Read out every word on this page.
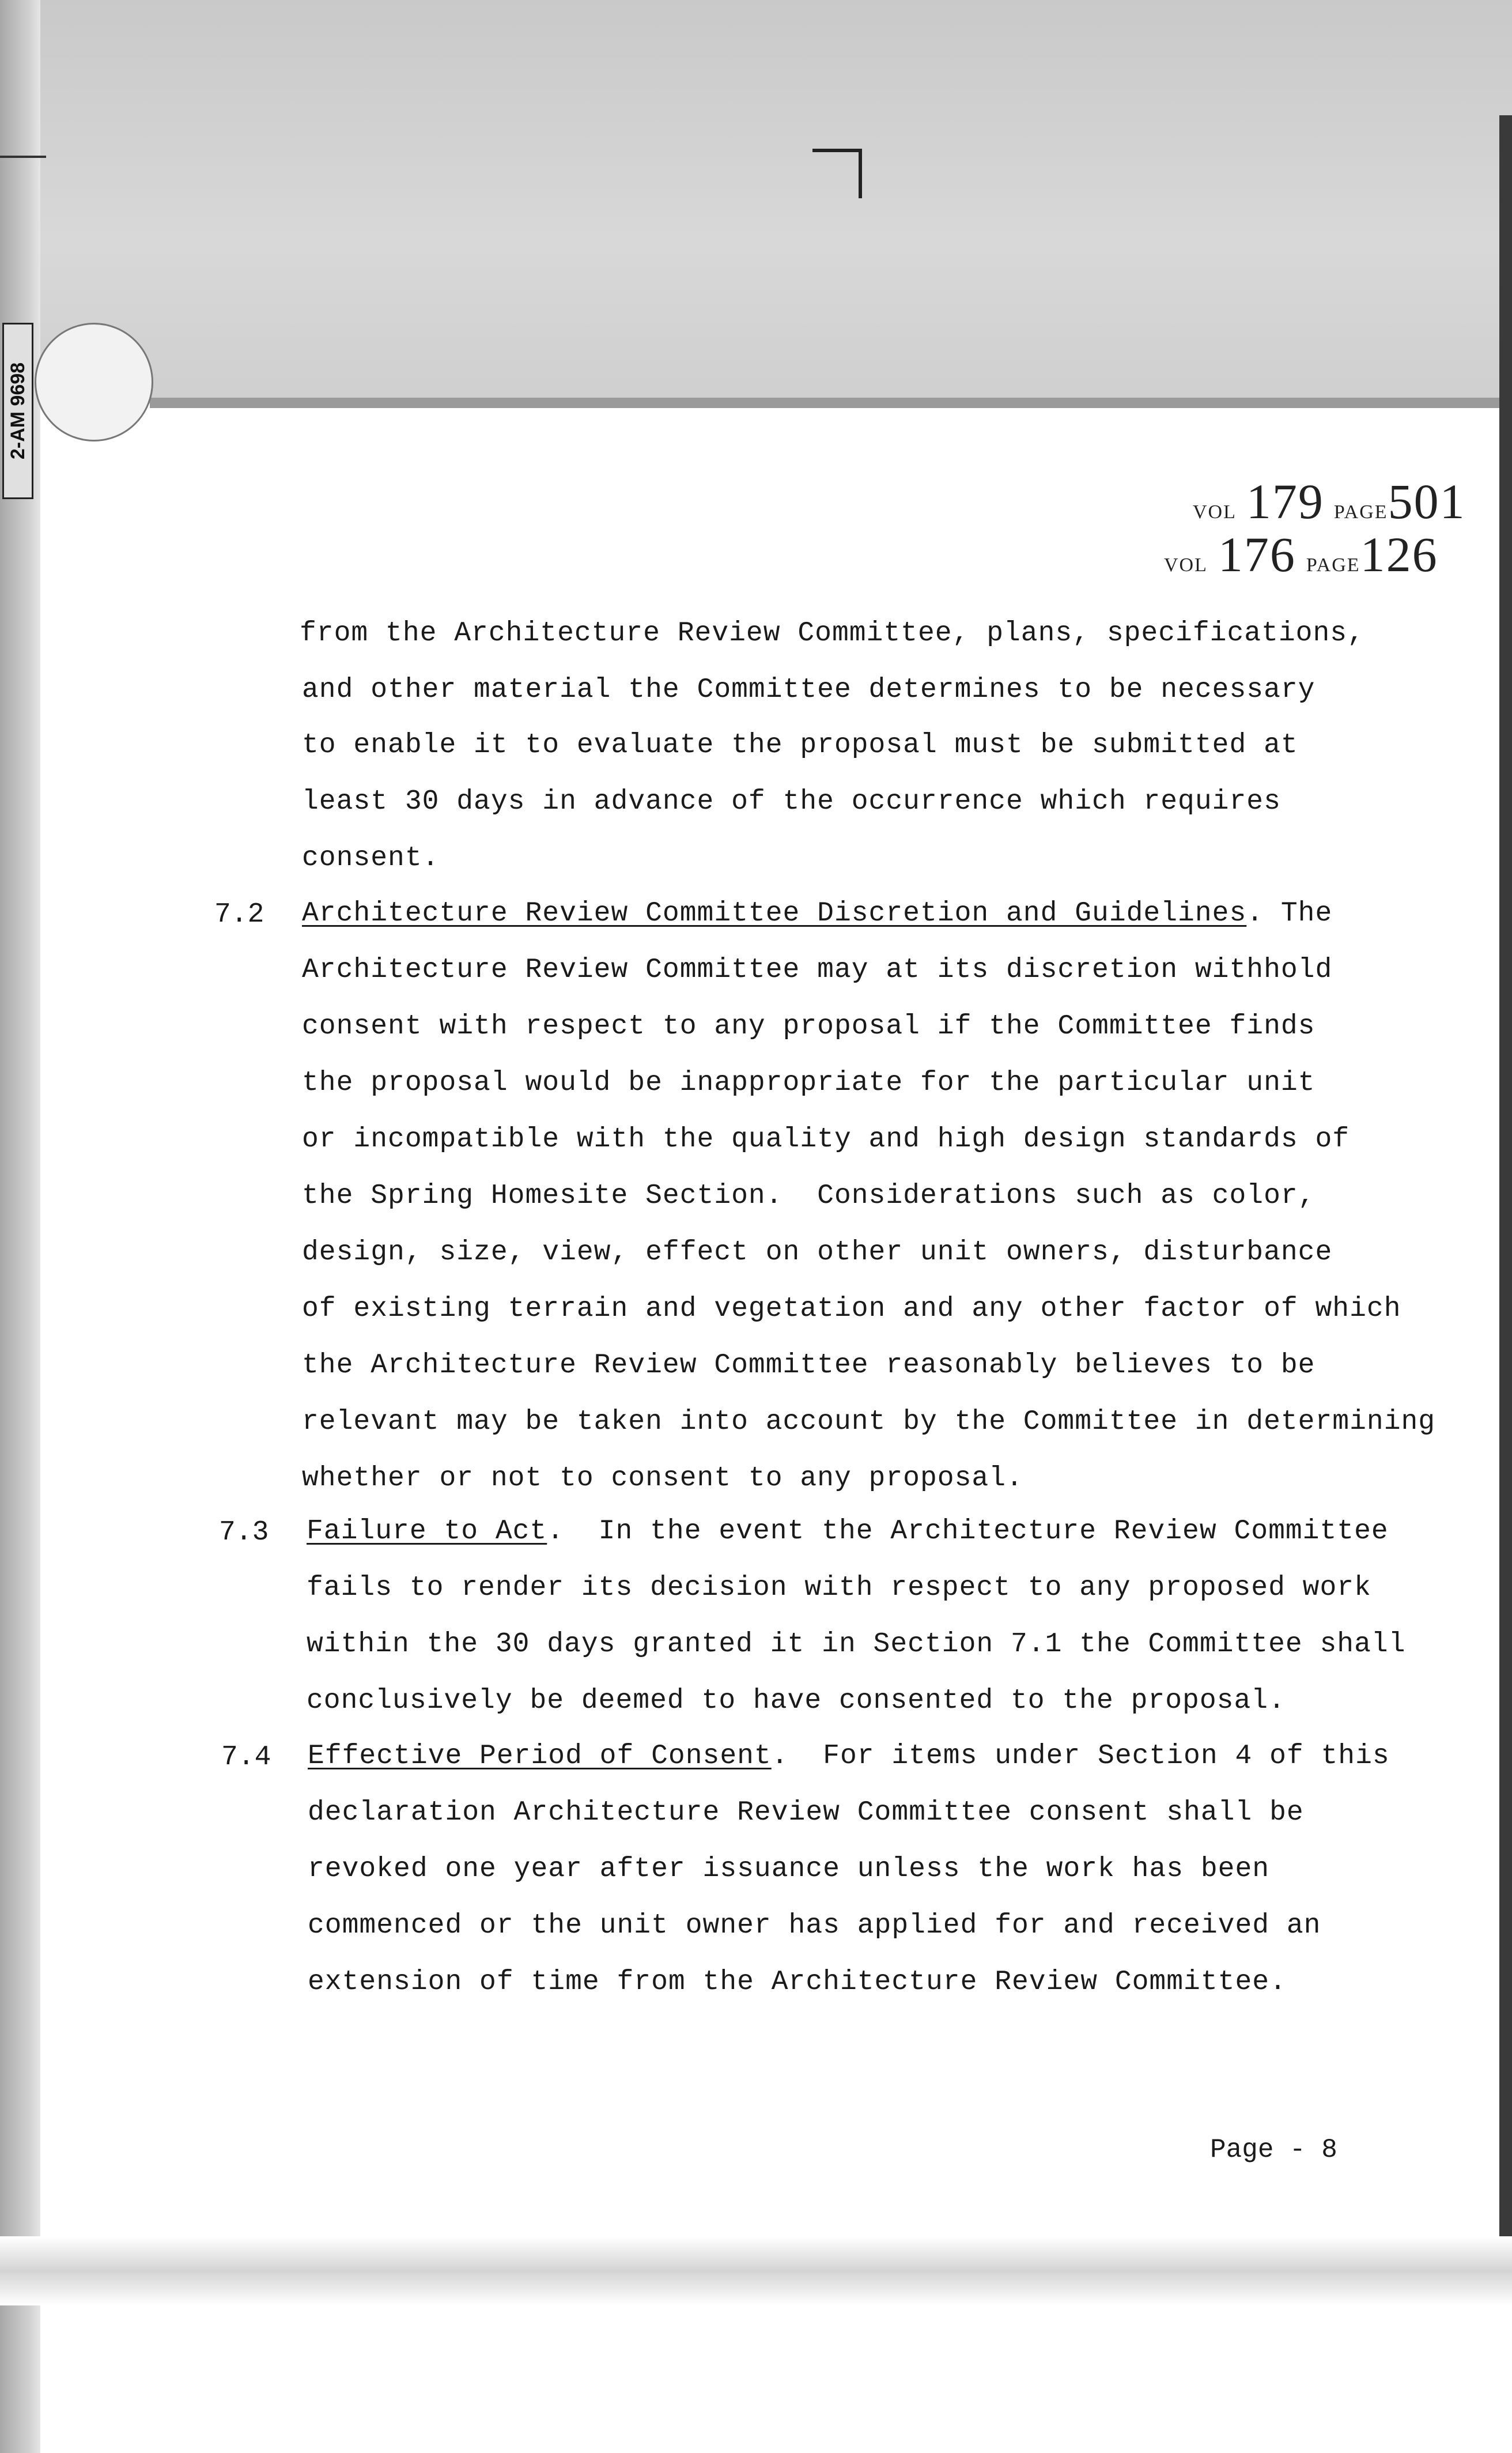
2-AM 9698
VOL 179 PAGE501
VOL 176 PAGE126
from the Architecture Review Committee, plans, specifications,
and other material the Committee determines to be necessary
to enable it to evaluate the proposal must be submitted at
least 30 days in advance of the occurrence which requires
consent.
7.2 Architecture Review Committee Discretion and Guidelines. The
Architecture Review Committee may at its discretion withhold
consent with respect to any proposal if the Committee finds
the proposal would be inappropriate for the particular unit
or incompatible with the quality and high design standards of
the Spring Homesite Section.  Considerations such as color,
design, size, view, effect on other unit owners, disturbance
of existing terrain and vegetation and any other factor of which
the Architecture Review Committee reasonably believes to be
relevant may be taken into account by the Committee in determining
whether or not to consent to any proposal.
7.3 Failure to Act.  In the event the Architecture Review Committee
fails to render its decision with respect to any proposed work
within the 30 days granted it in Section 7.1 the Committee shall
conclusively be deemed to have consented to the proposal.
7.4 Effective Period of Consent.  For items under Section 4 of this
declaration Architecture Review Committee consent shall be
revoked one year after issuance unless the work has been
commenced or the unit owner has applied for and received an
extension of time from the Architecture Review Committee.
Page - 8
